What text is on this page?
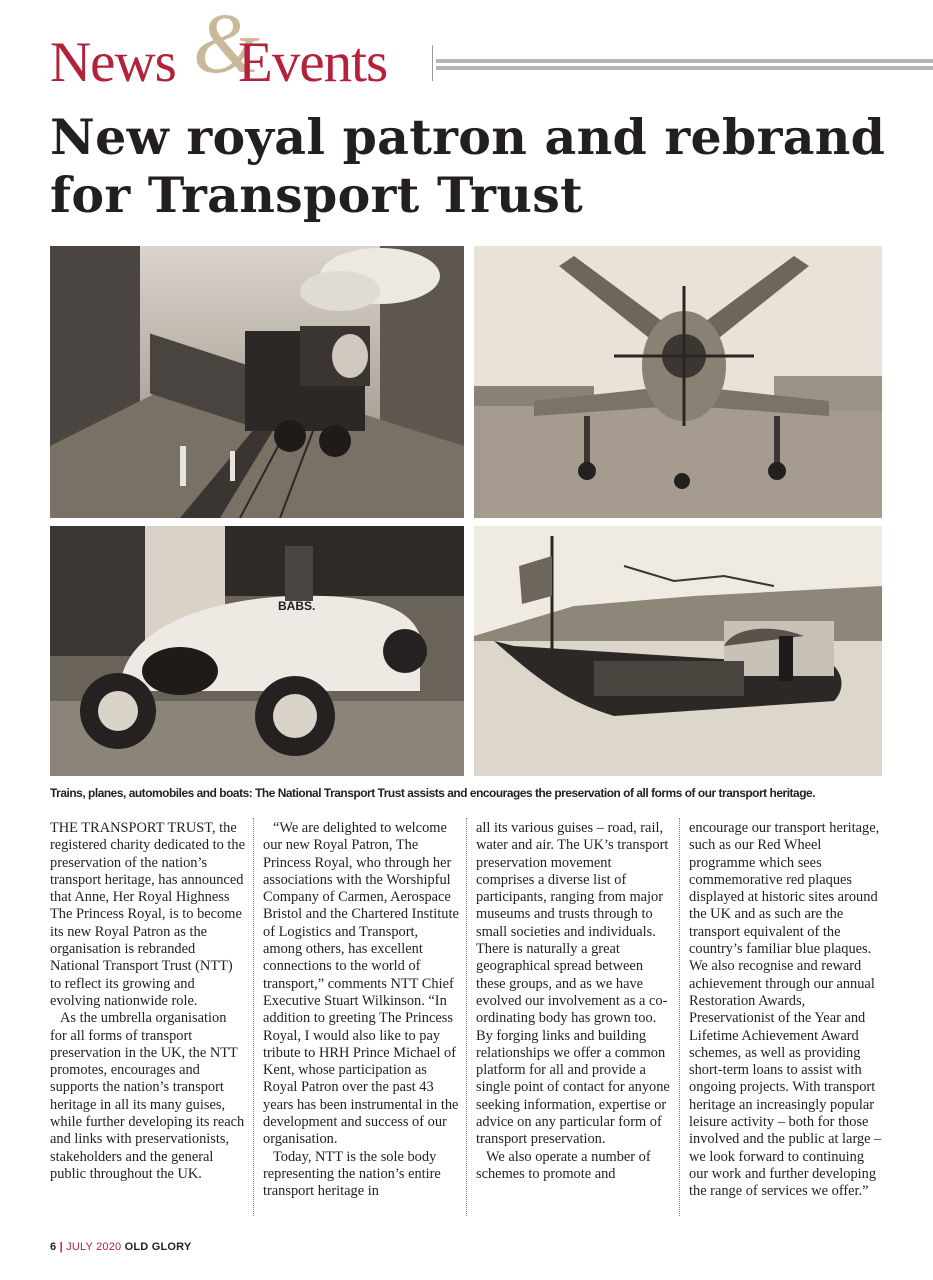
&
News Events
New royal patron and rebrand
for Transport Trust
BABS.

Trains, planes, automobiles and boats: The National Transport Trust assists and encourages the preservation of all forms of our transport heritage.

THE TRANSPORT TRUST, the registered charity dedicated to the preservation of the nation’s transport heritage, has announced that Anne, Her Royal Highness The Princess Royal, is to become its new Royal Patron as the organisation is rebranded National Transport Trust (NTT) to reflect its growing and evolving nationwide role.

As the umbrella organisation for all forms of transport preservation in the UK, the NTT promotes, encourages and supports the nation’s transport heritage in all its many guises, while further developing its reach and links with preservationists, stakeholders and the general public throughout the UK.

“We are delighted to welcome our new Royal Patron, The Princess Royal, who through her associations with the Worshipful Company of Carmen, Aerospace Bristol and the Chartered Institute of Logistics and Transport, among others, has excellent connections to the world of transport,” comments NTT Chief Executive Stuart Wilkinson. “In addition to greeting The Princess Royal, I would also like to pay tribute to HRH Prince Michael of Kent, whose participation as Royal Patron over the past 43 years has been instrumental in the development and success of our organisation.

Today, NTT is the sole body representing the nation’s entire transport heritage in

all its various guises – road, rail, water and air. The UK’s transport preservation movement comprises a diverse list of participants, ranging from major museums and trusts through to small societies and individuals. There is naturally a great geographical spread between these groups, and as we have evolved our involvement as a co-ordinating body has grown too. By forging links and building relationships we offer a common platform for all and provide a single point of contact for anyone seeking information, expertise or advice on any particular form of transport preservation.

We also operate a number of schemes to promote and

encourage our transport heritage, such as our Red Wheel programme which sees commemorative red plaques displayed at historic sites around the UK and as such are the transport equivalent of the country’s familiar blue plaques. We also recognise and reward achievement through our annual Restoration Awards, Preservationist of the Year and Lifetime Achievement Award schemes, as well as providing short-term loans to assist with ongoing projects. With transport heritage an increasingly popular leisure activity – both for those involved and the public at large – we look forward to continuing our work and further developing the range of services we offer.”

6 | JULY 2020 OLD GLORY
